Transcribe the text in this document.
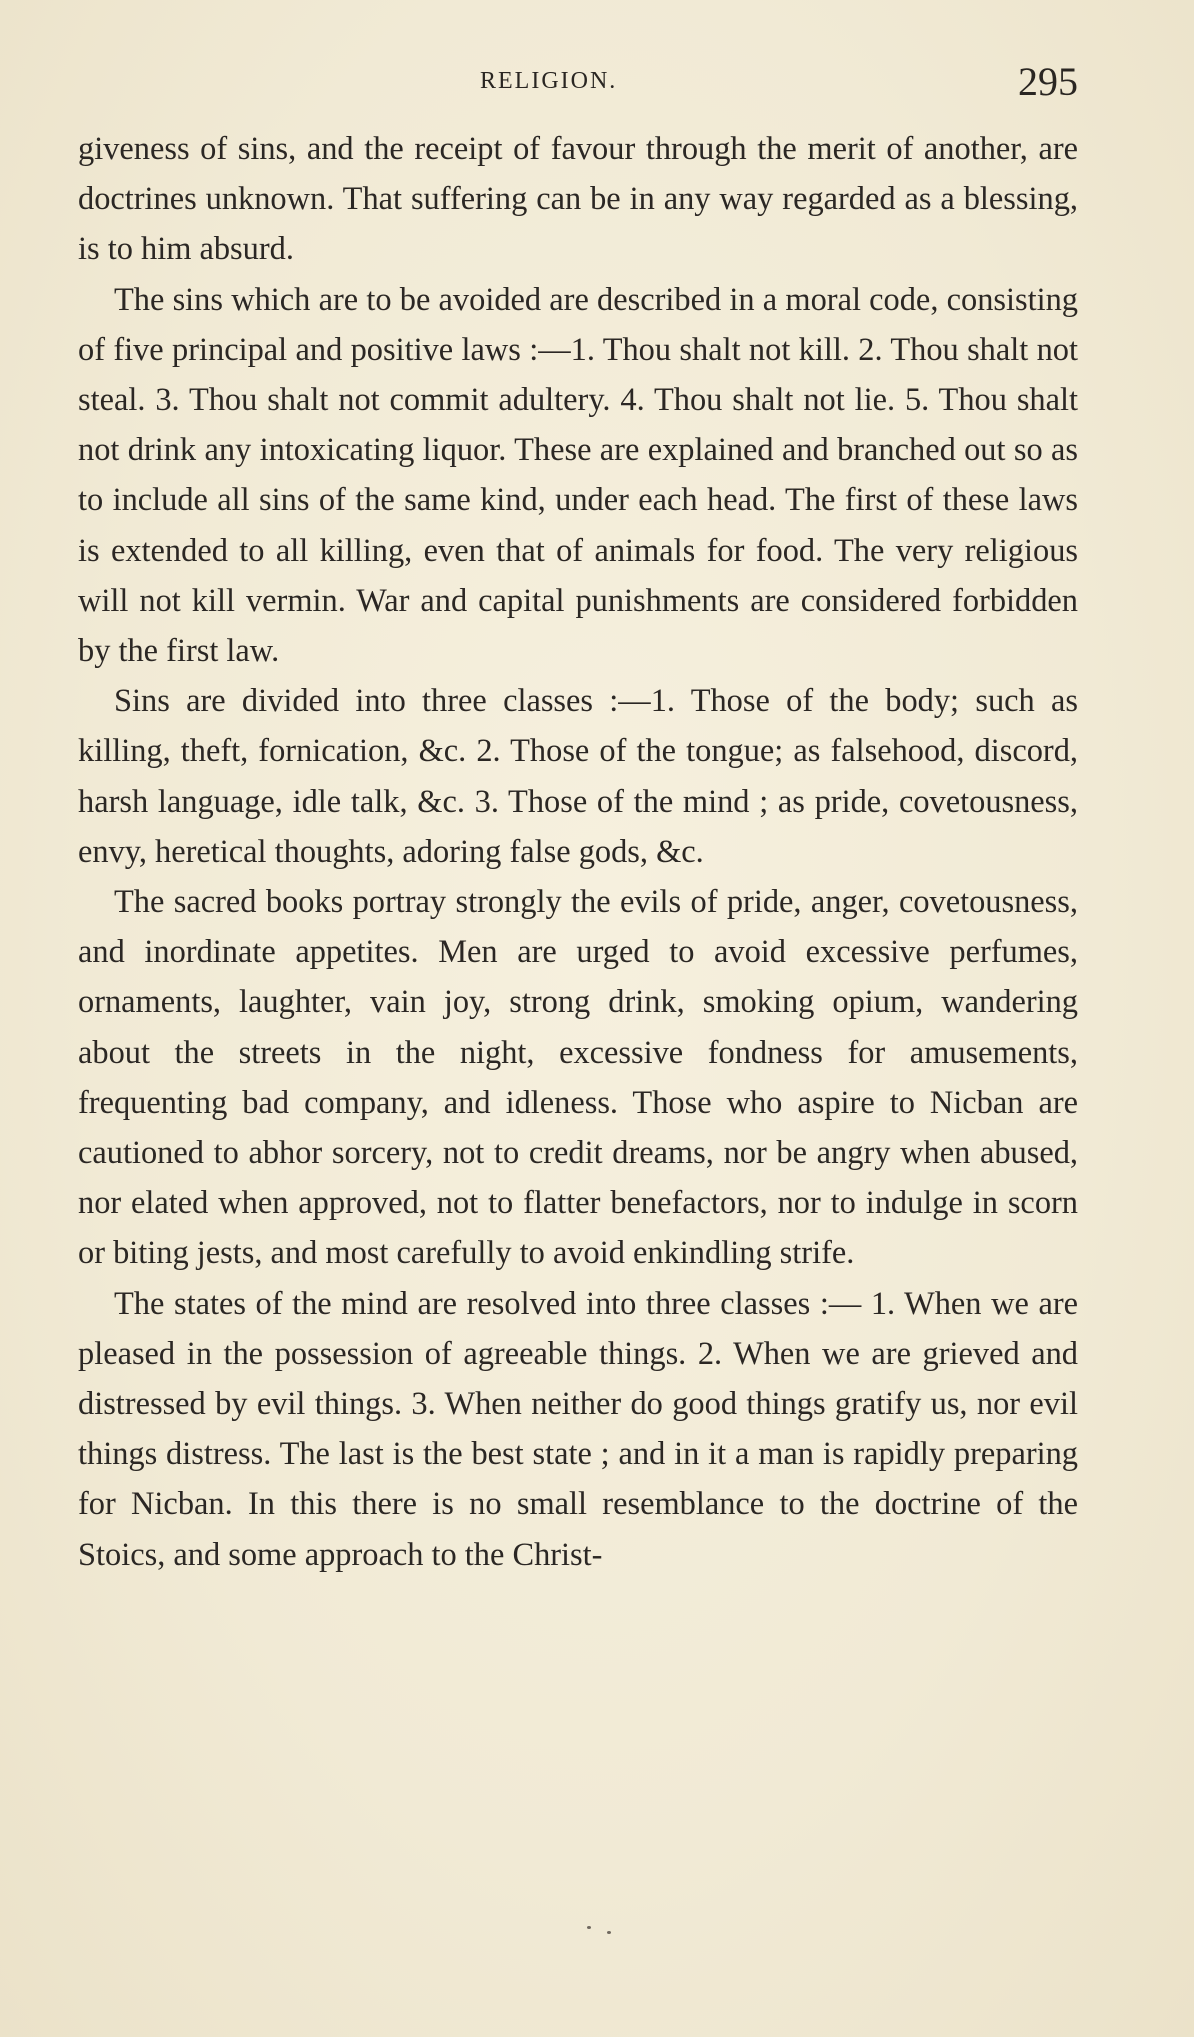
RELIGION.	295

giveness of sins, and the receipt of favour through the merit of another, are doctrines unknown. That suffering can be in any way regarded as a blessing, is to him absurd.

The sins which are to be avoided are described in a moral code, consisting of five principal and positive laws :—1. Thou shalt not kill. 2. Thou shalt not steal. 3. Thou shalt not commit adultery. 4. Thou shalt not lie. 5. Thou shalt not drink any intoxicating liquor. These are explained and branched out so as to include all sins of the same kind, under each head. The first of these laws is extended to all killing, even that of animals for food. The very religious will not kill vermin. War and capital punishments are considered forbidden by the first law.

Sins are divided into three classes :—1. Those of the body; such as killing, theft, fornication, &c. 2. Those of the tongue; as falsehood, discord, harsh language, idle talk, &c. 3. Those of the mind ; as pride, covetousness, envy, heretical thoughts, adoring false gods, &c.

The sacred books portray strongly the evils of pride, anger, covetousness, and inordinate appetites. Men are urged to avoid excessive perfumes, ornaments, laughter, vain joy, strong drink, smoking opium, wandering about the streets in the night, excessive fondness for amusements, frequenting bad company, and idleness. Those who aspire to Nicban are cautioned to abhor sorcery, not to credit dreams, nor be angry when abused, nor elated when approved, not to flatter benefactors, nor to indulge in scorn or biting jests, and most carefully to avoid enkindling strife.

The states of the mind are resolved into three classes :— 1. When we are pleased in the possession of agreeable things. 2. When we are grieved and distressed by evil things. 3. When neither do good things gratify us, nor evil things distress. The last is the best state ; and in it a man is rapidly preparing for Nicban. In this there is no small resemblance to the doctrine of the Stoics, and some approach to the Christ-
